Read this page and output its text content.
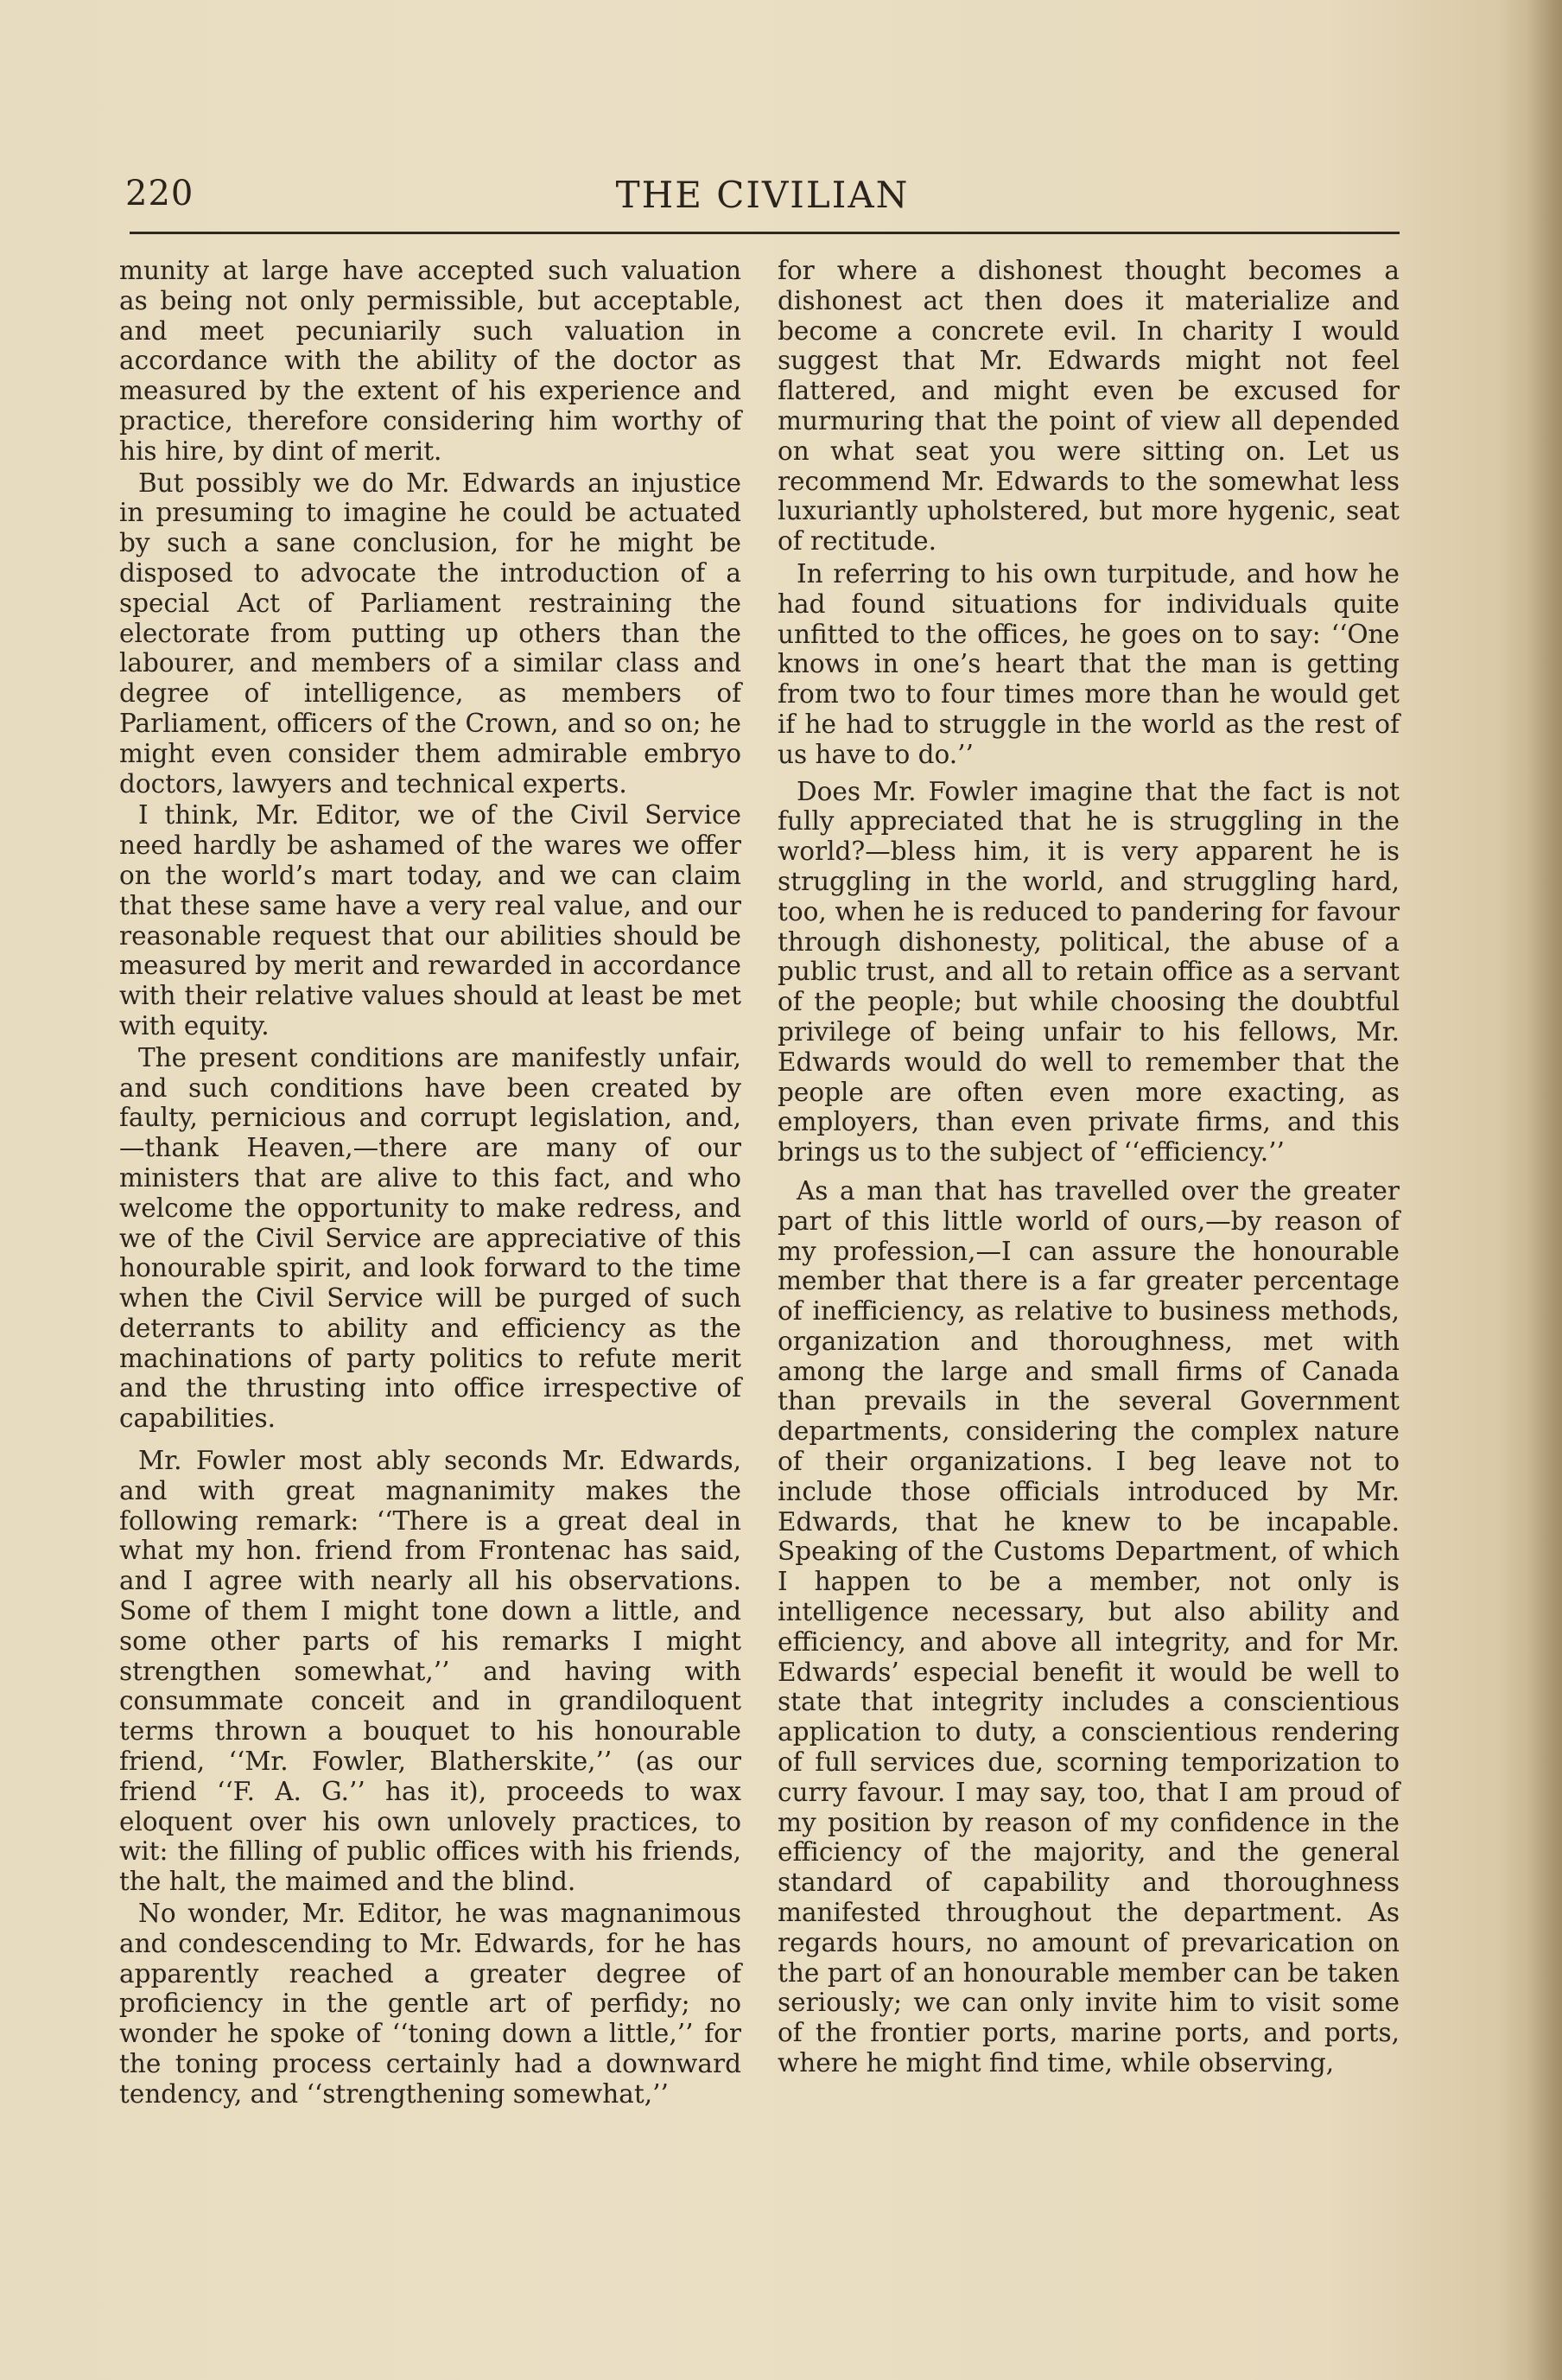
220	THE CIVILIAN

munity at large have accepted such valuation as being not only permissible, but acceptable, and meet pecuniarily such valuation in accordance with the ability of the doctor as measured by the extent of his experience and practice, therefore considering him worthy of his hire, by dint of merit.

But possibly we do Mr. Edwards an injustice in presuming to imagine he could be actuated by such a sane conclusion, for he might be disposed to advocate the introduction of a special Act of Parliament restraining the electorate from putting up others than the labourer, and members of a similar class and degree of intelligence, as members of Parliament, officers of the Crown, and so on; he might even consider them admirable embryo doctors, lawyers and technical experts.

I think, Mr. Editor, we of the Civil Service need hardly be ashamed of the wares we offer on the world’s mart today, and we can claim that these same have a very real value, and our reasonable request that our abilities should be measured by merit and rewarded in accordance with their relative values should at least be met with equity.

The present conditions are manifestly unfair, and such conditions have been created by faulty, pernicious and corrupt legislation, and,—thank Heaven,—there are many of our ministers that are alive to this fact, and who welcome the opportunity to make redress, and we of the Civil Service are appreciative of this honourable spirit, and look forward to the time when the Civil Service will be purged of such deterrants to ability and efficiency as the machinations of party politics to refute merit and the thrusting into office irrespective of capabilities.

Mr. Fowler most ably seconds Mr. Edwards, and with great magnanimity makes the following remark: ‘‘There is a great deal in what my hon. friend from Frontenac has said, and I agree with nearly all his observations. Some of them I might tone down a little, and some other parts of his remarks I might strengthen somewhat,’’ and having with consummate conceit and in grandiloquent terms thrown a bouquet to his honourable friend, ‘‘Mr. Fowler, Blatherskite,’’ (as our friend ‘‘F. A. G.’’ has it), proceeds to wax eloquent over his own unlovely practices, to wit: the filling of public offices with his friends, the halt, the maimed and the blind.

No wonder, Mr. Editor, he was magnanimous and condescending to Mr. Edwards, for he has apparently reached a greater degree of proficiency in the gentle art of perfidy; no wonder he spoke of ‘‘toning down a little,’’ for the toning process certainly had a downward tendency, and ‘‘strengthening somewhat,’’

for where a dishonest thought becomes a dishonest act then does it materialize and become a concrete evil. In charity I would suggest that Mr. Edwards might not feel flattered, and might even be excused for murmuring that the point of view all depended on what seat you were sitting on. Let us recommend Mr. Edwards to the somewhat less luxuriantly upholstered, but more hygenic, seat of rectitude.

In referring to his own turpitude, and how he had found situations for individuals quite unfitted to the offices, he goes on to say: ‘‘One knows in one’s heart that the man is getting from two to four times more than he would get if he had to struggle in the world as the rest of us have to do.’’

Does Mr. Fowler imagine that the fact is not fully appreciated that he is struggling in the world?—bless him, it is very apparent he is struggling in the world, and struggling hard, too, when he is reduced to pandering for favour through dishonesty, political, the abuse of a public trust, and all to retain office as a servant of the people; but while choosing the doubtful privilege of being unfair to his fellows, Mr. Edwards would do well to remember that the people are often even more exacting, as employers, than even private firms, and this brings us to the subject of ‘‘efficiency.’’

As a man that has travelled over the greater part of this little world of ours,—by reason of my profession,—I can assure the honourable member that there is a far greater percentage of inefficiency, as relative to business methods, organization and thoroughness, met with among the large and small firms of Canada than prevails in the several Government departments, considering the complex nature of their organizations. I beg leave not to include those officials introduced by Mr. Edwards, that he knew to be incapable. Speaking of the Customs Department, of which I happen to be a member, not only is intelligence necessary, but also ability and efficiency, and above all integrity, and for Mr. Edwards’ especial benefit it would be well to state that integrity includes a conscientious application to duty, a conscientious rendering of full services due, scorning temporization to curry favour. I may say, too, that I am proud of my position by reason of my confidence in the efficiency of the majority, and the general standard of capability and thoroughness manifested throughout the department. As regards hours, no amount of prevarication on the part of an honourable member can be taken seriously; we can only invite him to visit some of the frontier ports, marine ports, and ports, where he might find time, while observing,
